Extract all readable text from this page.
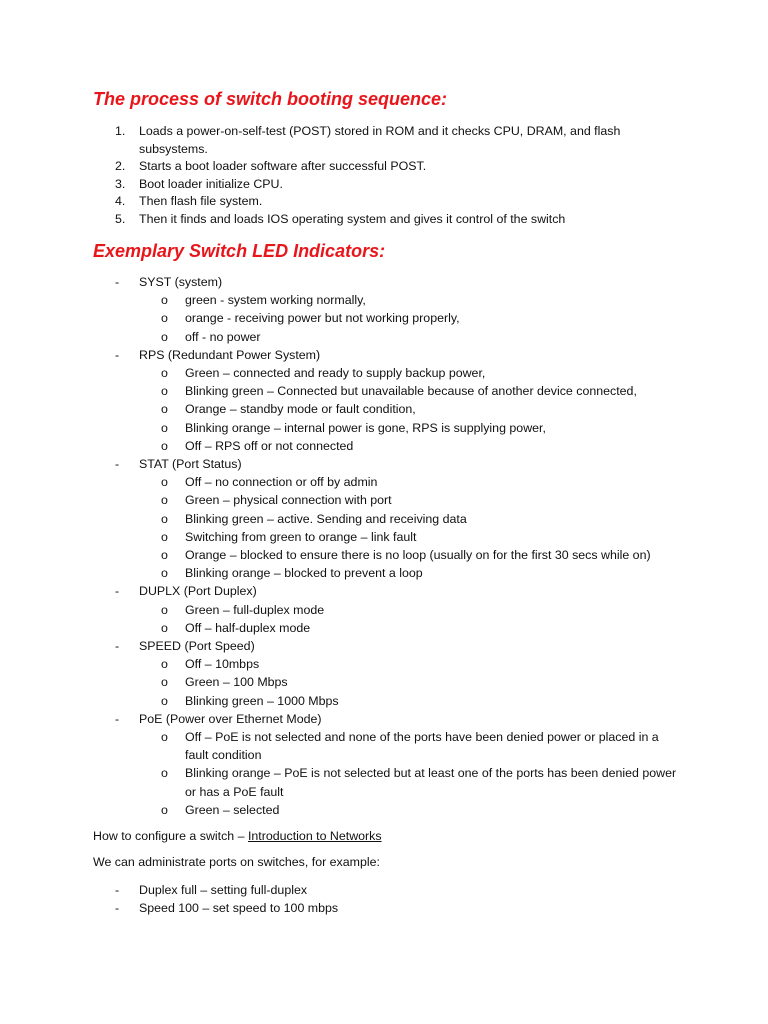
The process of switch booting sequence:
1. Loads a power-on-self-test (POST) stored in ROM and it checks CPU, DRAM, and flash subsystems.
2. Starts a boot loader software after successful POST.
3. Boot loader initialize CPU.
4. Then flash file system.
5. Then it finds and loads IOS operating system and gives it control of the switch
Exemplary Switch LED Indicators:
- SYST (system)
o green - system working normally,
o orange - receiving power but not working properly,
o off - no power
- RPS (Redundant Power System)
o Green – connected and ready to supply backup power,
o Blinking green – Connected but unavailable because of another device connected,
o Orange – standby mode or fault condition,
o Blinking orange – internal power is gone, RPS is supplying power,
o Off – RPS off or not connected
- STAT (Port Status)
o Off – no connection or off by admin
o Green – physical connection with port
o Blinking green – active. Sending and receiving data
o Switching from green to orange – link fault
o Orange – blocked to ensure there is no loop (usually on for the first 30 secs while on)
o Blinking orange – blocked to prevent a loop
- DUPLX (Port Duplex)
o Green – full-duplex mode
o Off – half-duplex mode
- SPEED (Port Speed)
o Off – 10mbps
o Green – 100 Mbps
o Blinking green – 1000 Mbps
- PoE (Power over Ethernet Mode)
o Off – PoE is not selected and none of the ports have been denied power or placed in a fault condition
o Blinking orange – PoE is not selected but at least one of the ports has been denied power or has a PoE fault
o Green – selected

How to configure a switch – Introduction to Networks

We can administrate ports on switches, for example:

- Duplex full – setting full-duplex
- Speed 100 – set speed to 100 mbps
